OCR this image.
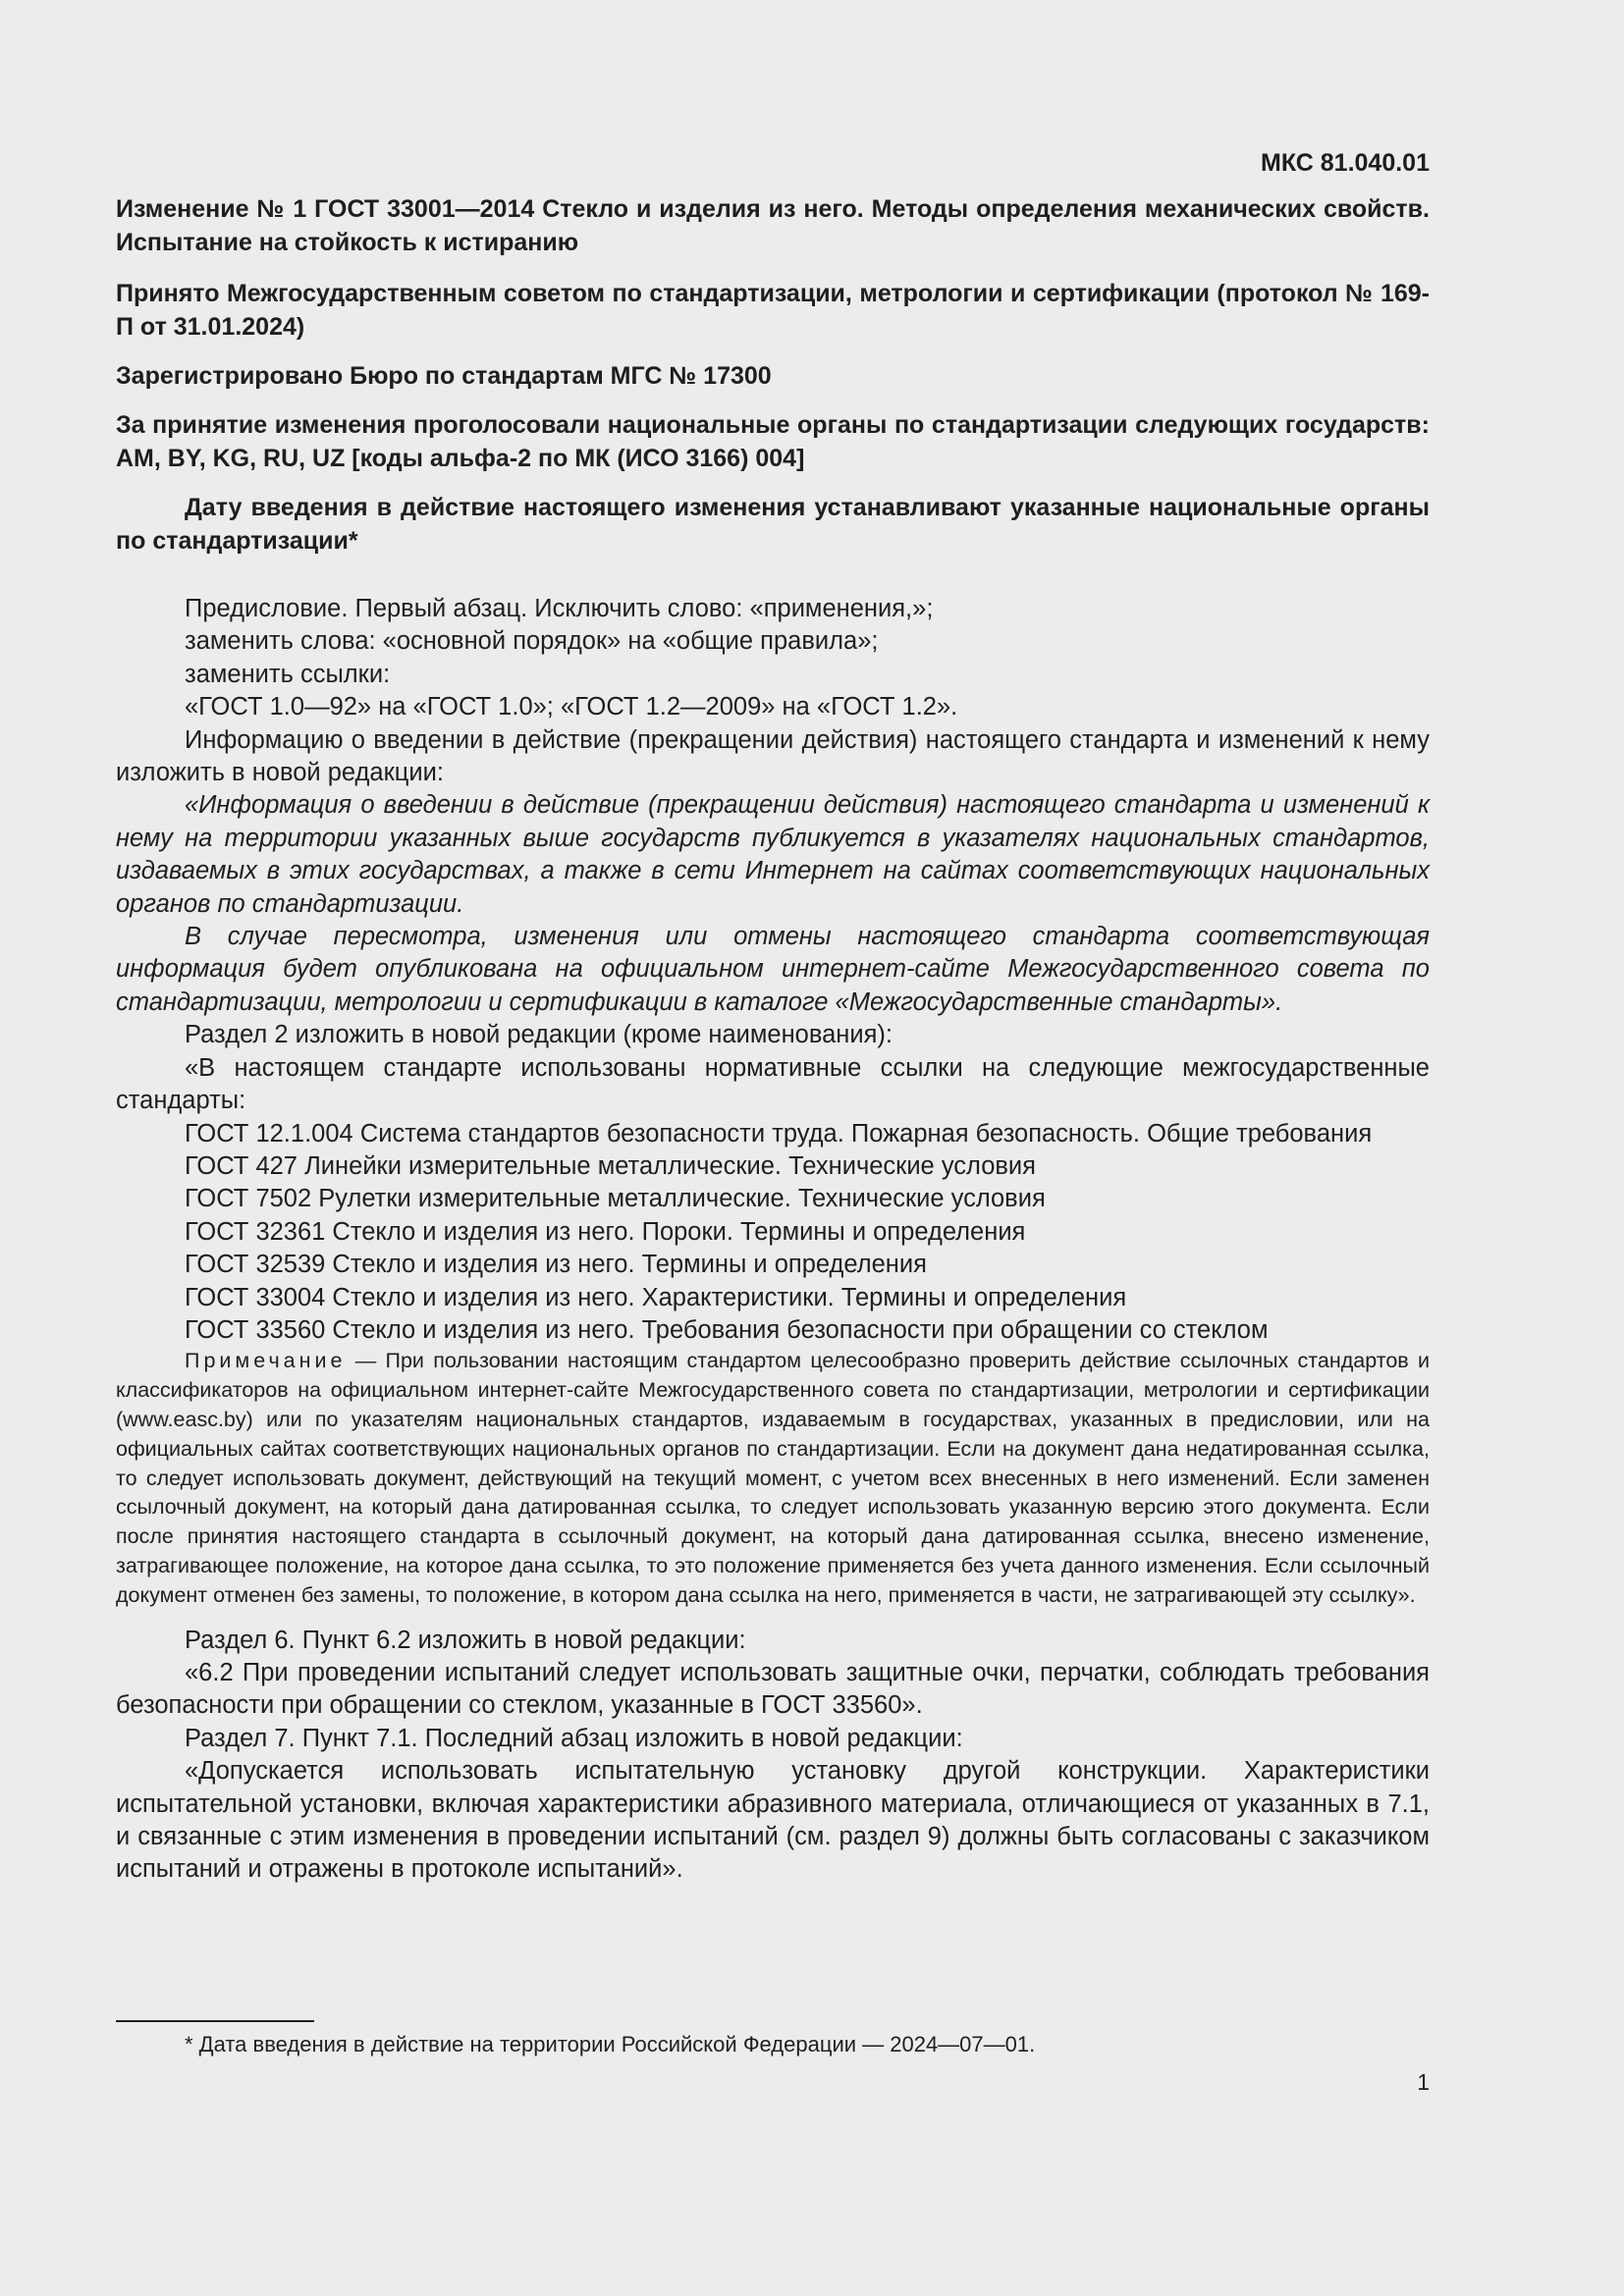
МКС 81.040.01
Изменение № 1 ГОСТ 33001—2014 Стекло и изделия из него. Методы определения механических свойств. Испытание на стойкость к истиранию
Принято Межгосударственным советом по стандартизации, метрологии и сертификации (протокол № 169-П от 31.01.2024)
Зарегистрировано Бюро по стандартам МГС № 17300
За принятие изменения проголосовали национальные органы по стандартизации следующих государств: AM, BY, KG, RU, UZ [коды альфа-2 по МК (ИСО 3166) 004]
Дату введения в действие настоящего изменения устанавливают указанные национальные органы по стандартизации*

Предисловие. Первый абзац. Исключить слово: «применения,»;

заменить слова: «основной порядок» на «общие правила»;

заменить ссылки:

«ГОСТ 1.0—92» на «ГОСТ 1.0»; «ГОСТ 1.2—2009» на «ГОСТ 1.2».

Информацию о введении в действие (прекращении действия) настоящего стандарта и изменений к нему изложить в новой редакции:

«Информация о введении в действие (прекращении действия) настоящего стандарта и изменений к нему на территории указанных выше государств публикуется в указателях национальных стандартов, издаваемых в этих государствах, а также в сети Интернет на сайтах соответствующих национальных органов по стандартизации.

В случае пересмотра, изменения или отмены настоящего стандарта соответствующая информация будет опубликована на официальном интернет-сайте Межгосударственного совета по стандартизации, метрологии и сертификации в каталоге «Межгосударственные стандарты».

Раздел 2 изложить в новой редакции (кроме наименования):

«В настоящем стандарте использованы нормативные ссылки на следующие межгосударственные стандарты:

ГОСТ 12.1.004 Система стандартов безопасности труда. Пожарная безопасность. Общие требования

ГОСТ 427 Линейки измерительные металлические. Технические условия

ГОСТ 7502 Рулетки измерительные металлические. Технические условия

ГОСТ 32361 Стекло и изделия из него. Пороки. Термины и определения

ГОСТ 32539 Стекло и изделия из него. Термины и определения

ГОСТ 33004 Стекло и изделия из него. Характеристики. Термины и определения

ГОСТ 33560 Стекло и изделия из него. Требования безопасности при обращении со стеклом

Примечание — При пользовании настоящим стандартом целесообразно проверить действие ссылочных стандартов и классификаторов на официальном интернет-сайте Межгосударственного совета по стандартизации, метрологии и сертификации (www.easc.by) или по указателям национальных стандартов, издаваемым в государствах, указанных в предисловии, или на официальных сайтах соответствующих национальных органов по стандартизации. Если на документ дана недатированная ссылка, то следует использовать документ, действующий на текущий момент, с учетом всех внесенных в него изменений. Если заменен ссылочный документ, на который дана датированная ссылка, то следует использовать указанную версию этого документа. Если после принятия настоящего стандарта в ссылочный документ, на который дана датированная ссылка, внесено изменение, затрагивающее положение, на которое дана ссылка, то это положение применяется без учета данного изменения. Если ссылочный документ отменен без замены, то положение, в котором дана ссылка на него, применяется в части, не затрагивающей эту ссылку».

Раздел 6. Пункт 6.2 изложить в новой редакции:

«6.2 При проведении испытаний следует использовать защитные очки, перчатки, соблюдать требования безопасности при обращении со стеклом, указанные в ГОСТ 33560».

Раздел 7. Пункт 7.1. Последний абзац изложить в новой редакции:

«Допускается использовать испытательную установку другой конструкции. Характеристики испытательной установки, включая характеристики абразивного материала, отличающиеся от указанных в 7.1, и связанные с этим изменения в проведении испытаний (см. раздел 9) должны быть согласованы с заказчиком испытаний и отражены в протоколе испытаний».

* Дата введения в действие на территории Российской Федерации — 2024—07—01.
1
